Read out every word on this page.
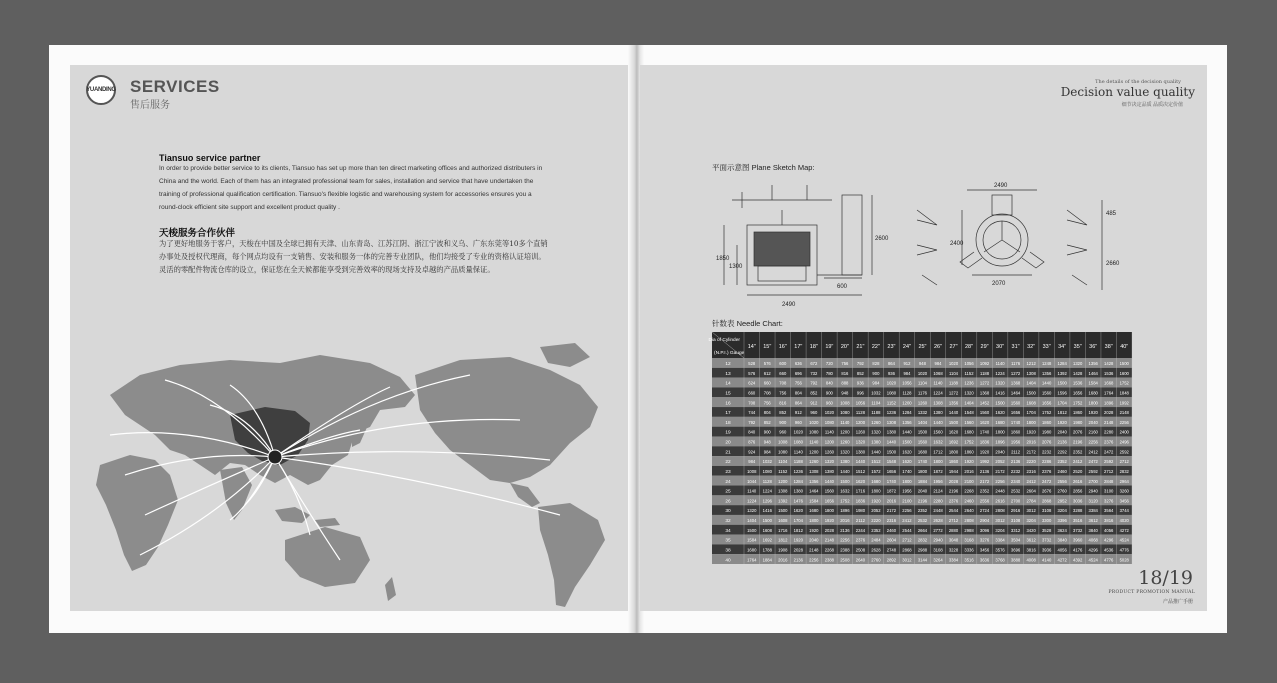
YUANDING SERVICES
售后服务
Tiansuo service partner
In order to provide better service to its clients, Tiansuo has set up more than ten direct marketing offices and authorized distributers in China and the world. Each of them has an integrated professional team for sales, installation and service that have undertaken the training of professional qualification certification. Tiansuo's flexible logistic and warehousing system for accessories ensures you a round-clock efficient site support and excellent product quality .
天梭服务合作伙伴
为了更好地服务于客户，天梭在中国及全球已拥有天津、山东青岛、江苏江阴、浙江宁波和义乌、广东东莞等10多个直销办事处及授权代理商，每个网点均设有一支销售、安装和服务一体的完善专业团队，他们均接受了专业的资格认证培训。灵活的零配件物流仓库的设立，保证您在全天候都能享受到完善效率的现场支持及卓越的产品质量保证。
The details of the decision quality
Decision value quality
细节决定品质 品质决定价值
平面示意图 Plane Sketch Map:
2490
600
1850
1300
2600
2490
2400
2070
485
2660
针数表 Needle Chart:
Dia of Cylinder
(N.P.I.) Gauge
14" 15" 16" 17" 18" 19" 20" 21" 22" 23" 24" 25" 26" 27" 28" 29" 30" 31" 32" 33" 34" 35" 36" 38" 40"
12	528 576 600 636 672 720 756 792 828 864 912 948 984 1020 1056 1092 1140 1176 1212 1248 1284 1320 1356 1428 1500
13	576 612 660 696 732 780 816 852 900 936 984 1020 1068 1104 1152 1188 1224 1272 1308 1356 1392 1428 1464 1536 1600
14	624 660 708 756 792 840 888 936 984 1020 1056 1104 1140 1188 1236 1272 1320 1368 1404 1440 1500 1536 1584 1668 1752
15	660 708 756 804 852 900 948 996 1032 1080 1128 1176 1224 1272 1320 1368 1416 1464 1500 1560 1596 1656 1680 1764 1848
16	708 756 816 864 912 960 1008 1056 1104 1152 1200 1260 1308 1356 1404 1452 1500 1560 1608 1656 1704 1752 1800 1896 1992
17	744 804 852 912 960 1020 1080 1128 1188 1236 1284 1332 1380 1440 1548 1560 1620 1656 1704 1752 1812 1860 1920 2028 2148
18	792 852 900 960 1020 1080 1140 1200 1260 1308 1356 1404 1440 1500 1560 1620 1680 1740 1800 1860 1920 1980 2040 2148 2256
19	840 900 960 1020 1080 1140 1200 1260 1320 1380 1440 1500 1560 1620 1680 1740 1800 1860 1920 1980 2040 2076 2160 2280 2400
20	876 948 1008 1080 1140 1200 1260 1320 1380 1440 1500 1560 1632 1692 1752 1836 1896 1956 2016 2076 2136 2196 2256 2376 2496
21	924 984 1080 1140 1200 1260 1320 1380 1440 1500 1620 1680 1712 1800 1860 1920 2040 2112 2172 2232 2292 2352 2412 2472 2592
22	984 1032 1104 1188 1260 1320 1380 1440 1512 1548 1620 1740 1800 1860 1920 1992 2052 2136 2220 2286 2352 2412 2472 2592 2712
23	1008 1080 1152 1236 1308 1380 1440 1512 1572 1656 1740 1800 1872 1944 2016 2136 2172 2232 2316 2376 2460 2520 2592 2712 2832
24	1044 1128 1200 1284 1356 1440 1500 1620 1680 1740 1800 1884 1956 2028 2100 2172 2256 2340 2412 2472 2556 2616 2700 2848 2964
25	1140 1224 1308 1380 1464 1560 1632 1716 1800 1872 1956 2040 2124 2196 2268 2352 2448 2532 2604 2676 2760 2856 2940 3100 3260
26	1224 1296 1392 1476 1584 1656 1752 1836 1920 2016 2100 2196 2280 2376 2460 2556 2616 2700 2784 2868 2952 3036 3120 3276 3456
30	1320 1416 1500 1620 1680 1800 1896 1980 2052 2172 2256 2352 2448 2544 2640 2724 2808 2916 3012 3108 3204 3288 3384 3564 3744
32	1404 1500 1608 1704 1800 1920 2016 2112 2220 2316 2412 2532 2628 2712 2808 2904 3012 3108 3204 3300 3396 3516 3612 3816 4020
34	1500 1608 1716 1812 1920 2028 2136 2244 2352 2460 2544 2664 2772 2880 2988 3096 3204 3312 3420 3528 3624 3732 3840 4056 4272
35	1584 1692 1812 1920 2040 2148 2256 2376 2484 2604 2712 2832 2940 3048 3168 3276 3384 3504 3612 3732 3840 3960 4068 4296 4524
38	1680 1788 1908 2028 2148 2268 2388 2508 2628 2748 2868 2988 3108 3228 3336 3456 3576 3696 3816 3936 4056 4176 4296 4536 4776
40	1764 1884 2016 2136 2256 2388 2508 2640 2760 2892 3012 3144 3264 3384 3516 3636 3768 3888 4008 4140 4272 4392 4524 4776 5028
18/19
PRODUCT PROMOTION MANUAL
产品推广手册
